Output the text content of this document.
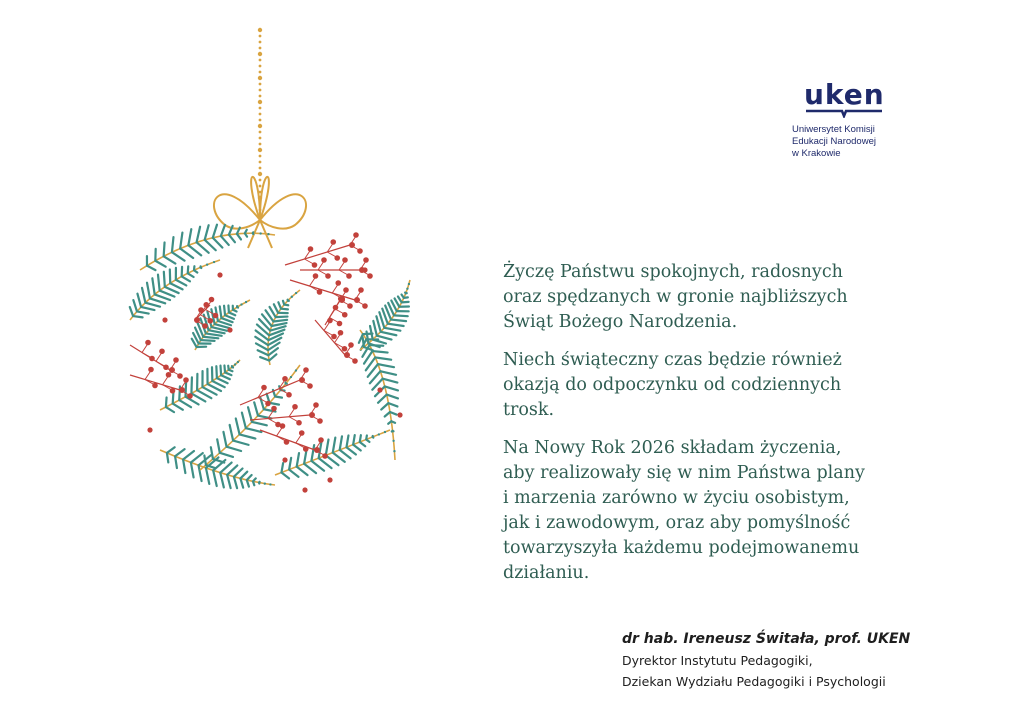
uken
Uniwersytet Komisji
Edukacji Narodowej
w Krakowie

Życzę Państwu spokojnych, radosnych
oraz spędzanych w gronie najbliższych
Świąt Bożego Narodzenia.

Niech świąteczny czas będzie również
okazją do odpoczynku od codziennych
trosk.

Na Nowy Rok 2026 składam życzenia,
aby realizowały się w nim Państwa plany
i marzenia zarówno w życiu osobistym,
jak i zawodowym, oraz aby pomyślność
towarzyszyła każdemu podejmowanemu
działaniu.

dr hab. Ireneusz Świtała, prof. UKEN
Dyrektor Instytutu Pedagogiki,
Dziekan Wydziału Pedagogiki i Psychologii
